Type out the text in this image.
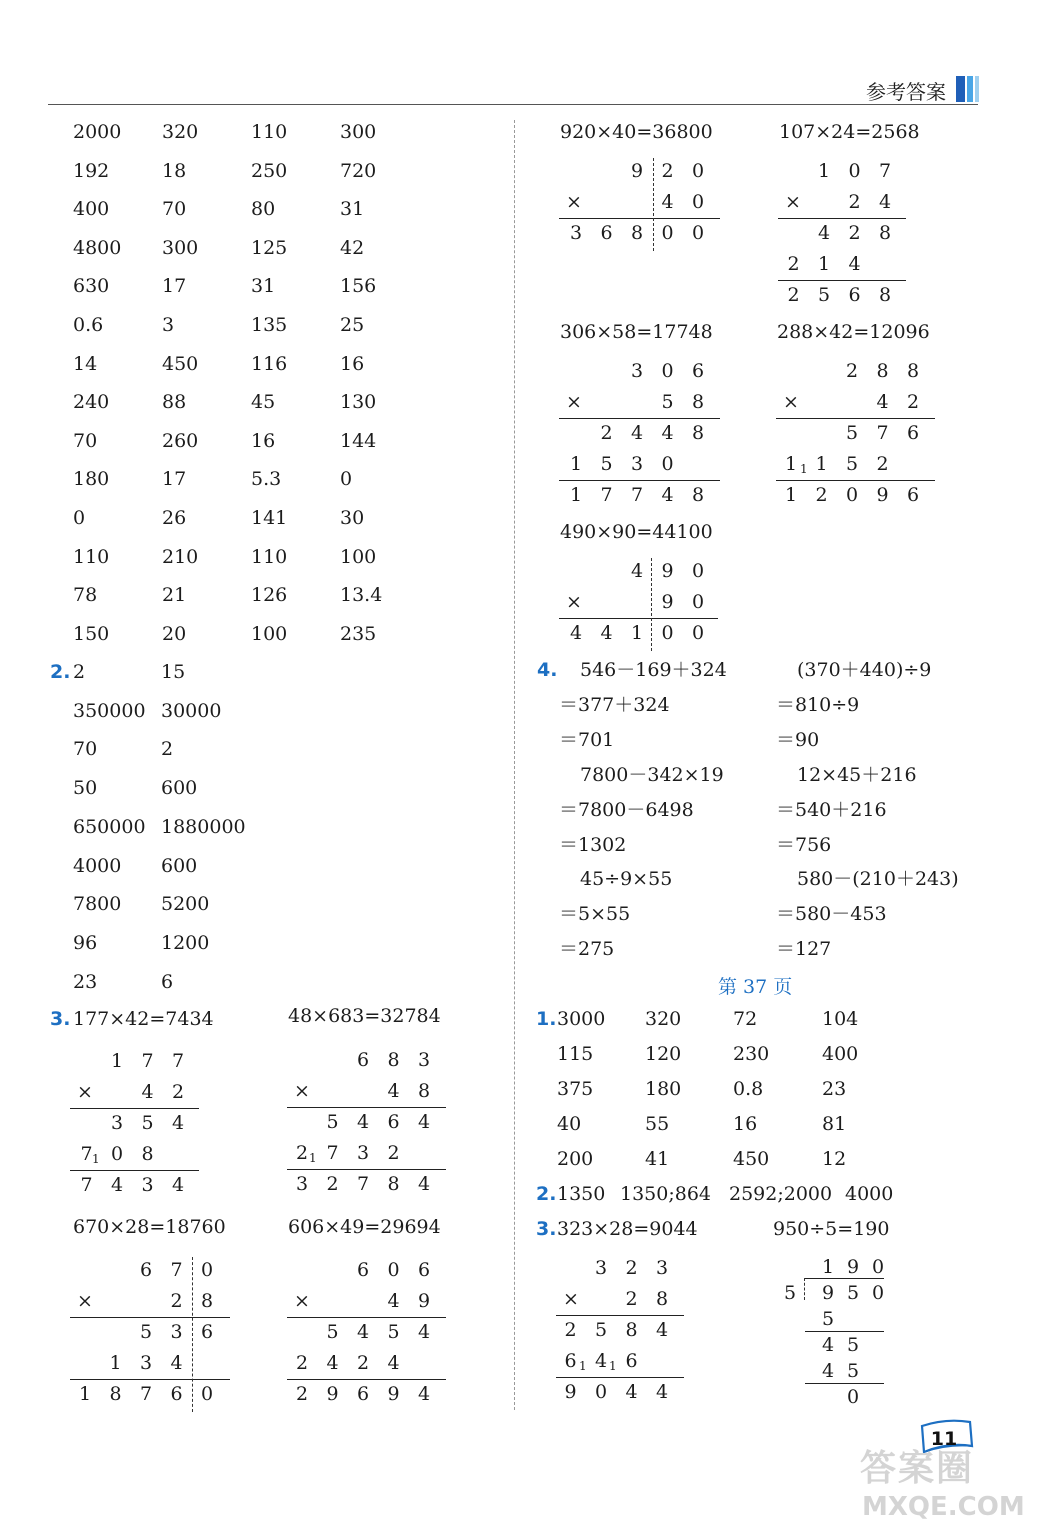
参考答案
2000 320	110	300
192	18	250	720
400	70	80	31
4800 300	125	42
630	17	31	156
0.6	3	135	25
14	450	116	16
240	88	45	130
70	260	16	144
180	17	5.3	0
0	26	141	30
110	210	110	100
78	21	126	13.4
150	20	100	235
2. 2	15
350000 30000
70	2
50	600
650000 1880000
4000 600
7800 5200
96	1200
23	6
3. 177×42=7434	48×683=32784
670×28=18760	606×49=29694
920×40=36800	107×24=2568
306×58=17748	288×42=12096
490×90=44100
4. 546－169＋324
＝377＋324
＝701
7800－342×19
＝7800－6498
＝1302
45÷9×55
＝5×55
＝275
(370＋440)÷9
＝810÷9
＝90
12×45＋216
＝540＋216
＝756
580－(210＋243)
＝580－453
＝127
第 37 页
1. 3000 320	72	104
115	120	230	400
375	180	0.8	23
40	55	16	81
200	41	450	12
2. 1350 1350;864 2592;2000 4000
3. 323×28=9044	950÷5=190
1 7 7
×	4 2
3 5 4
7 0 8
7 4 3 4
1
6 8 3
×	4 8
5 4 6 4
2 7 3 2
3 2 7 8 4
1
6 7 0
×	2 8
5 3 6
1 3 4
1 8 7 6 0
6 0 6
×	4 9
5 4 5 4
2 4 2 4
2 9 6 9 4
9 2 0
×	4 0
3 6 8 0 0
1 0 7
×	2 4
4 2 8
2 1 4
2 5 6 8
3 0 6
×	5 8
2 4 4 8
1 5 3 0
1 7 7 4 8
2 8 8
×	4 2
5 7 6
1 1 5 2
1 2 0 9 6
1
4 9 0
×	9 0
4 4 1 0 0
3 2 3
× 2 8
2 5 8 4
6 4 6
9 0 4 4
1 1
1 9 0
5 9 5 0
5
4 5
4 5
0
11
答案圈
MXQE.COM
